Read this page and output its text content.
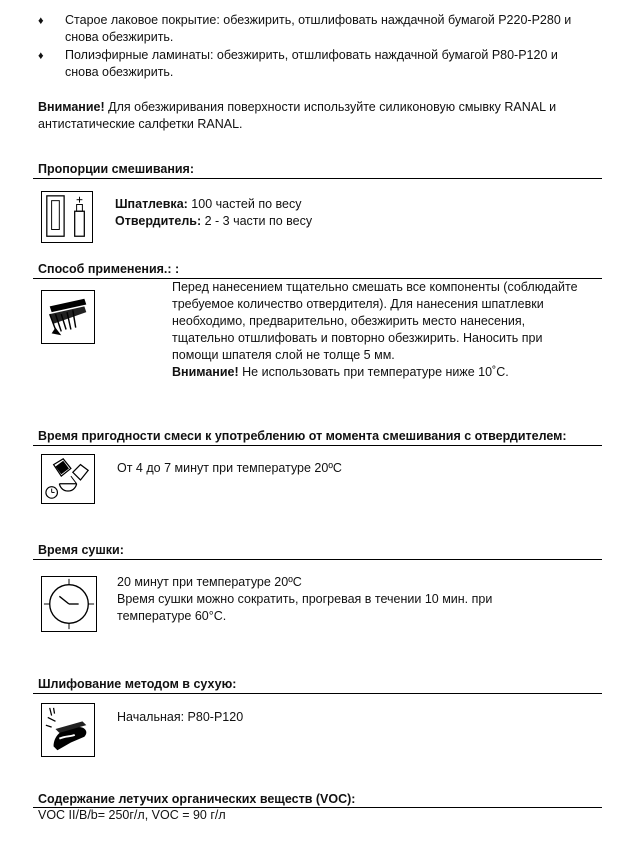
♦ Старое лаковое покрытие: обезжирить, отшлифовать наждачной бумагой P220-P280 и
снова обезжирить.
♦ Полиэфирные ламинаты: обезжирить, отшлифовать наждачной бумагой P80-P120 и
снова обезжирить.
Внимание! Для обезжиривания поверхности используйте силиконовую смывку RANAL и
антистатические салфетки RANAL.
Пропорции смешивания:
Шпатлевка: 100 частей по весу
Отвердитель: 2 - 3 части по весу
Способ применения.: :
Перед нанесением тщательно смешать все компоненты (соблюдайте
требуемое количество отвердителя). Для нанесения шпатлевки
необходимо, предварительно, обезжирить место нанесения,
тщательно отшлифовать и повторно обезжирить. Наносить при
помощи шпателя слой не толще 5 мм.
Внимание! Не использовать при температуре ниже 10˚С.
Время пригодности смеси к употреблению от момента смешивания с отвердителем:
От 4 до 7 минут при температуре 20ºС
Время сушки:
20 минут при температуре 20ºС
Время сушки можно сократить, прогревая в течении 10 мин. при
температуре 60°С.
Шлифование методом в сухую:
Начальная: P80-P120
Содержание летучих органических веществ (VOC):
VOC II/B/b= 250г/л, VOC = 90 г/л
